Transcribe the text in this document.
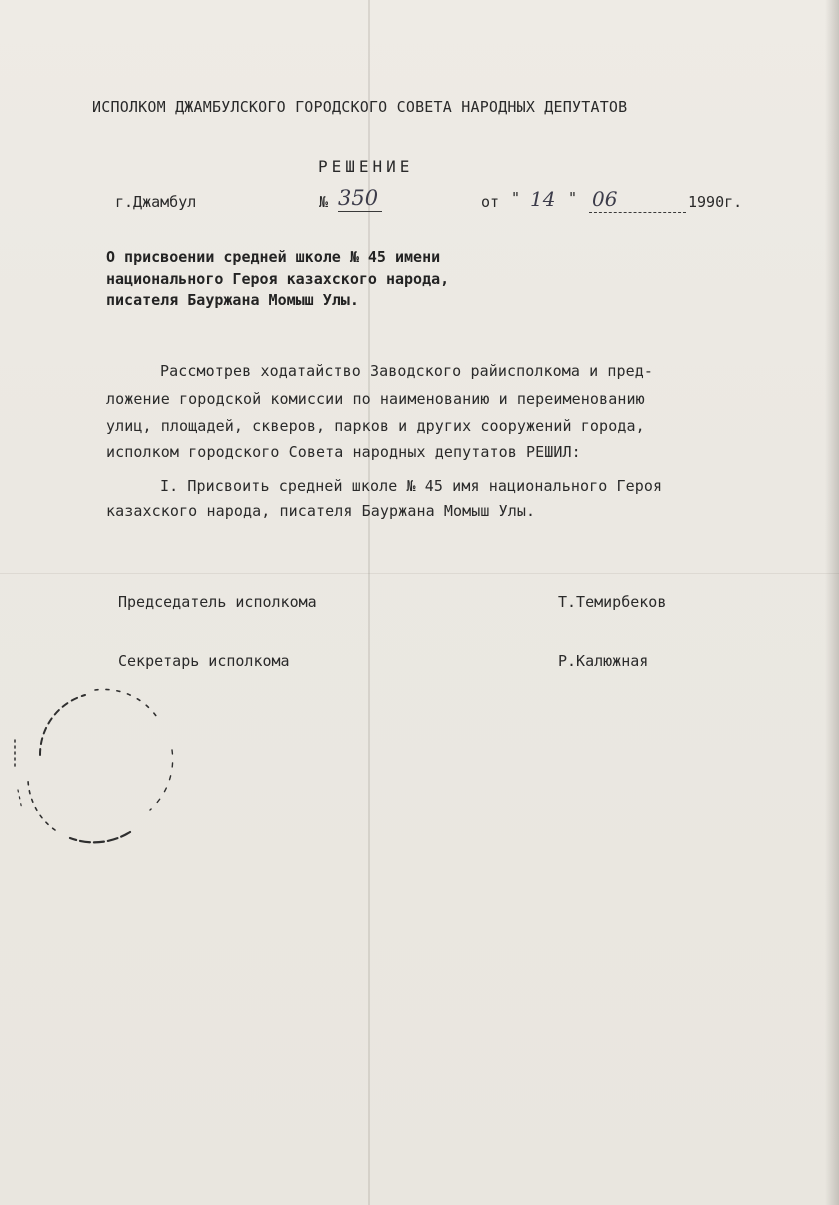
ИСПОЛКОМ ДЖАМБУЛСКОГО ГОРОДСКОГО СОВЕТА НАРОДНЫХ ДЕПУТАТОВ

РЕШЕНИЕ

г.Джамбул	№ 350	от " 14 " 06	1990г.

О присвоении средней школе № 45 имени

национального Героя казахского народа,

писателя Бауржана Момыш Улы.

Рассмотрев ходатайство Заводского райисполкома и пред-

ложение городской комиссии по наименованию и переименованию

улиц, площадей, скверов, парков и других сооружений города,

исполком городского Совета народных депутатов РЕШИЛ:

I. Присвоить средней школе № 45 имя национального Героя

казахского народа, писателя Бауржана Момыш Улы.

Председатель исполкома	Т.Темирбеков

Секретарь исполкома	Р.Калюжная
